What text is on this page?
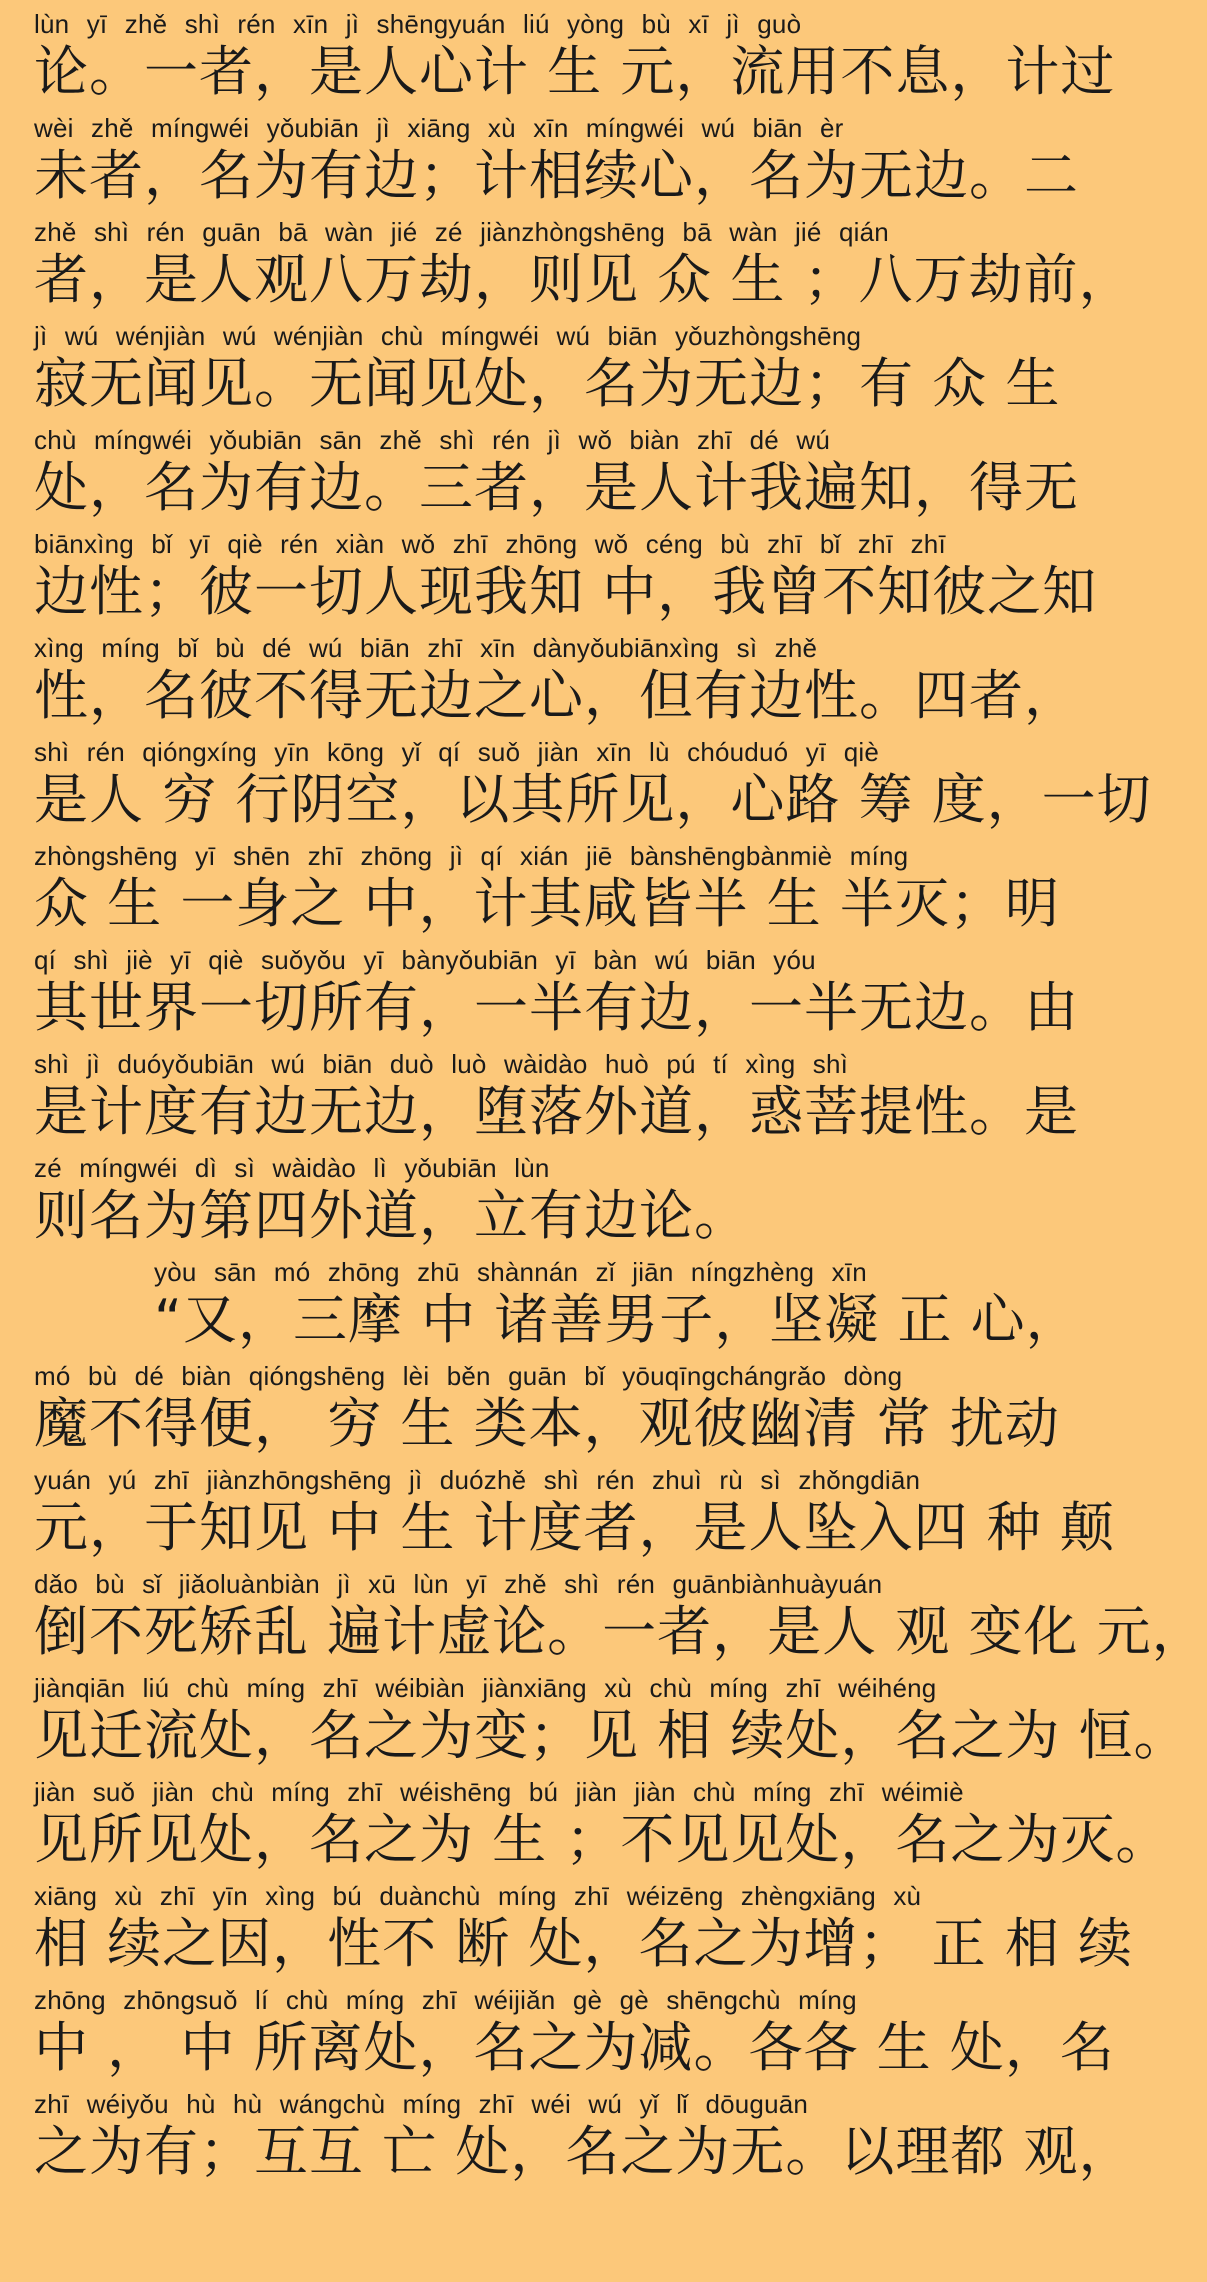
lùn yī zhě shì rén xīn jì shēngyuán liú yòng bù xī jì guò
论。一者，是人心计 生 元，流用不息，计过
wèi zhě míngwéi yǒubiān jì xiāng xù xīn míngwéi wú biān èr
未者，名为有边；计相续心，名为无边。二
zhě shì rén guān bā wàn jié zé jiànzhòngshēng bā wàn jié qián
者，是人观八万劫，则见 众 生 ；八万劫前，
jì wú wénjiàn wú wénjiàn chù míngwéi wú biān yǒuzhòngshēng
寂无闻见。无闻见处，名为无边；有 众 生
chù míngwéi yǒubiān sān zhě shì rén jì wǒ biàn zhī dé wú
处，名为有边。三者，是人计我遍知，得无
biānxìng bǐ yī qiè rén xiàn wǒ zhī zhōng wǒ céng bù zhī bǐ zhī zhī
边性；彼一切人现我知 中，我曾不知彼之知
xìng míng bǐ bù dé wú biān zhī xīn dànyǒubiānxìng sì zhě
性，名彼不得无边之心，但有边性。四者，
shì rén qióngxíng yīn kōng yǐ qí suǒ jiàn xīn lù chóuduó yī qiè
是人 穷 行阴空，以其所见，心路 筹 度，一切
zhòngshēng yī shēn zhī zhōng jì qí xián jiē bànshēngbànmiè míng
众 生 一身之 中，计其咸皆半 生 半灭；明
qí shì jiè yī qiè suǒyǒu yī bànyǒubiān yī bàn wú biān yóu
其世界一切所有，一半有边，一半无边。由
shì jì duóyǒubiān wú biān duò luò wàidào huò pú tí xìng shì
是计度有边无边，堕落外道，惑菩提性。是
zé míngwéi dì sì wàidào lì yǒubiān lùn
则名为第四外道，立有边论。
yòu sān mó zhōng zhū shànnán zǐ jiān níngzhèng xīn
“又，三摩 中 诸善男子，坚凝 正 心，
mó bù dé biàn qióngshēng lèi běn guān bǐ yōuqīngchángrǎo dòng
魔不得便， 穷 生 类本，观彼幽清 常 扰动
yuán yú zhī jiànzhōngshēng jì duózhě shì rén zhuì rù sì zhǒngdiān
元，于知见 中 生 计度者，是人坠入四 种 颠
dǎo bù sǐ jiǎoluànbiàn jì xū lùn yī zhě shì rén guānbiànhuàyuán
倒不死矫乱 遍计虚论。一者，是人 观 变化 元，
jiànqiān liú chù míng zhī wéibiàn jiànxiāng xù chù míng zhī wéihéng
见迁流处，名之为变；见 相 续处，名之为 恒。
jiàn suǒ jiàn chù míng zhī wéishēng bú jiàn jiàn chù míng zhī wéimiè
见所见处，名之为 生 ；不见见处，名之为灭。
xiāng xù zhī yīn xìng bú duànchù míng zhī wéizēng zhèngxiāng xù
相 续之因，性不 断 处，名之为增； 正 相 续
zhōng zhōngsuǒ lí chù míng zhī wéijiǎn gè gè shēngchù míng
中 ， 中 所离处，名之为减。各各 生 处，名
zhī wéiyǒu hù hù wángchù míng zhī wéi wú yǐ lǐ dōuguān
之为有；互互 亡 处，名之为无。以理都 观，
